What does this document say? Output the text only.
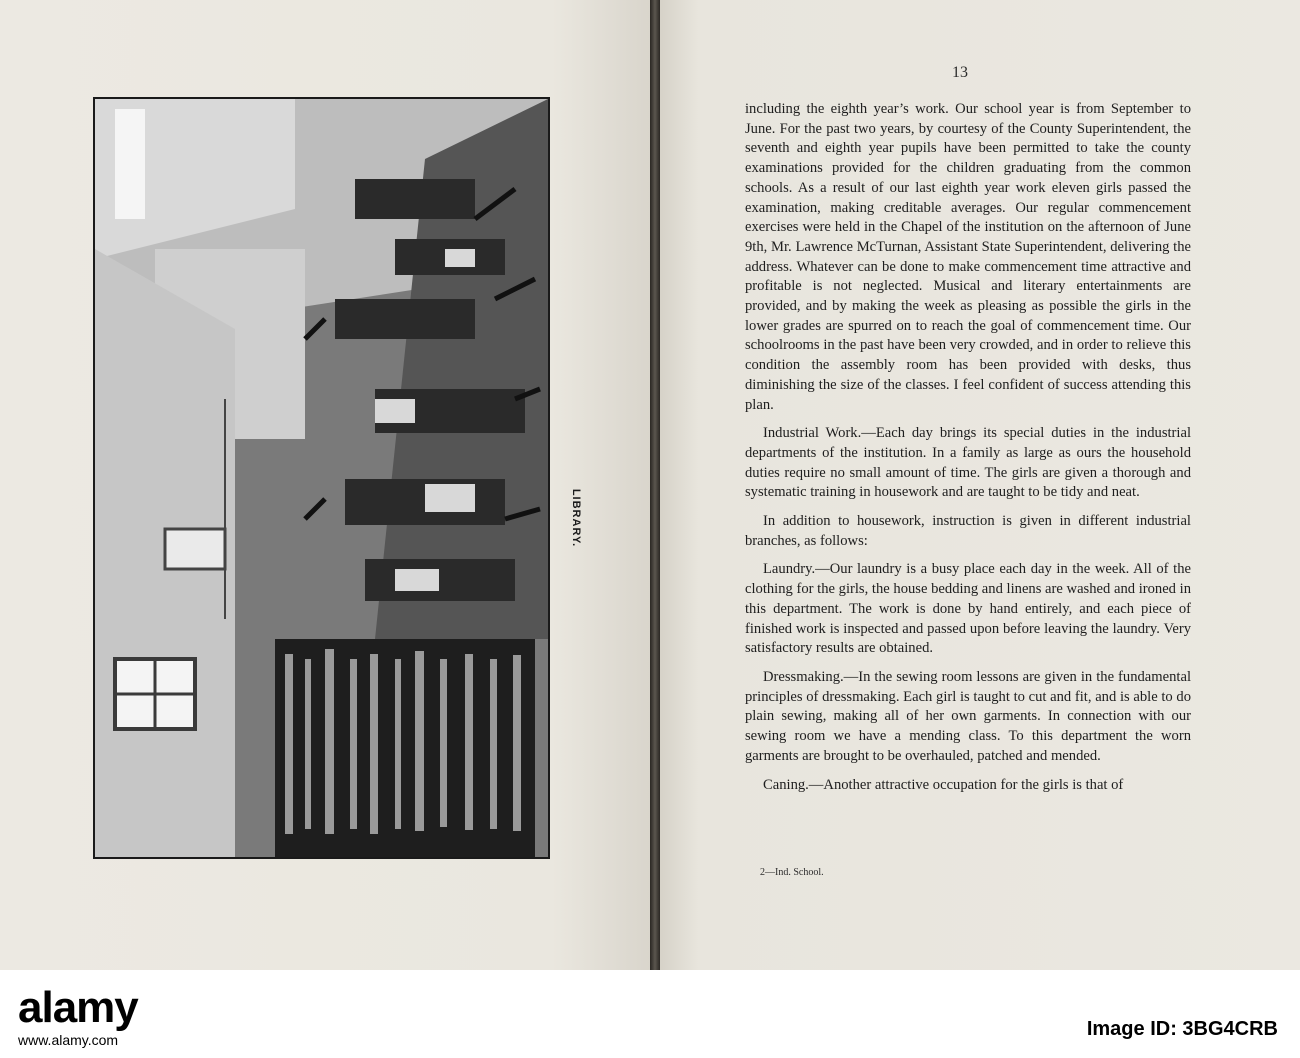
LIBRARY.
13

including the eighth year’s work. Our school year is from September to June. For the past two years, by courtesy of the County Superintendent, the seventh and eighth year pupils have been permitted to take the county examinations provided for the children graduating from the common schools. As a result of our last eighth year work eleven girls passed the examination, making creditable averages. Our regular commencement exercises were held in the Chapel of the institution on the afternoon of June 9th, Mr. Lawrence McTurnan, Assistant State Superintendent, delivering the address. Whatever can be done to make commencement time attractive and profitable is not neglected. Musical and literary entertainments are provided, and by making the week as pleasing as possible the girls in the lower grades are spurred on to reach the goal of commencement time. Our schoolrooms in the past have been very crowded, and in order to relieve this condition the assembly room has been provided with desks, thus diminishing the size of the classes. I feel confident of success attending this plan.

Industrial Work.—Each day brings its special duties in the industrial departments of the institution. In a family as large as ours the household duties require no small amount of time. The girls are given a thorough and systematic training in housework and are taught to be tidy and neat.

In addition to housework, instruction is given in different industrial branches, as follows:

Laundry.—Our laundry is a busy place each day in the week. All of the clothing for the girls, the house bedding and linens are washed and ironed in this department. The work is done by hand entirely, and each piece of finished work is inspected and passed upon before leaving the laundry. Very satisfactory results are obtained.

Dressmaking.—In the sewing room lessons are given in the fundamental principles of dressmaking. Each girl is taught to cut and fit, and is able to do plain sewing, making all of her own garments. In connection with our sewing room we have a mending class. To this department the worn garments are brought to be overhauled, patched and mended.

Caning.—Another attractive occupation for the girls is that of

2—Ind. School.
alamy
www.alamy.com	Image ID: 3BG4CRB
